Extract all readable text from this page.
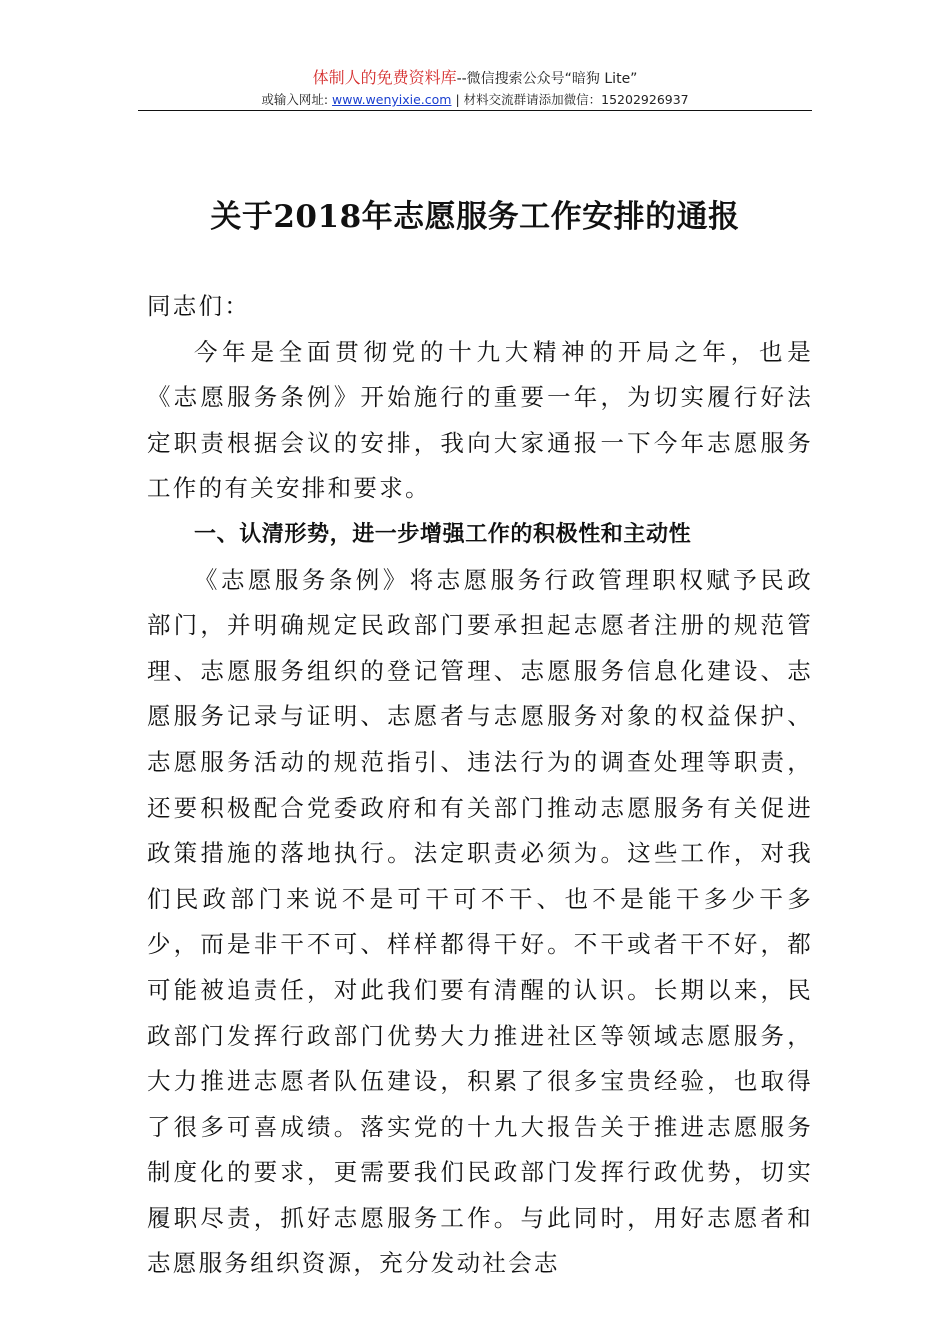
体制人的免费资料库--微信搜索公众号“暗狗 Lite”
或输入网址: www.wenyixie.com | 材料交流群请添加微信：15202926937
关于2018年志愿服务工作安排的通报

同志们：

今年是全面贯彻党的十九大精神的开局之年，也是《志愿服务条例》开始施行的重要一年，为切实履行好法定职责根据会议的安排，我向大家通报一下今年志愿服务工作的有关安排和要求。

一、认清形势，进一步增强工作的积极性和主动性

《志愿服务条例》将志愿服务行政管理职权赋予民政部门，并明确规定民政部门要承担起志愿者注册的规范管理、志愿服务组织的登记管理、志愿服务信息化建设、志愿服务记录与证明、志愿者与志愿服务对象的权益保护、志愿服务活动的规范指引、违法行为的调查处理等职责，还要积极配合党委政府和有关部门推动志愿服务有关促进政策措施的落地执行。法定职责必须为。这些工作，对我们民政部门来说不是可干可不干、也不是能干多少干多少，而是非干不可、样样都得干好。不干或者干不好，都可能被追责任，对此我们要有清醒的认识。长期以来，民政部门发挥行政部门优势大力推进社区等领域志愿服务，大力推进志愿者队伍建设，积累了很多宝贵经验，也取得了很多可喜成绩。落实党的十九大报告关于推进志愿服务制度化的要求，更需要我们民政部门发挥行政优势，切实履职尽责，抓好志愿服务工作。与此同时，用好志愿者和志愿服务组织资源，充分发动社会志
